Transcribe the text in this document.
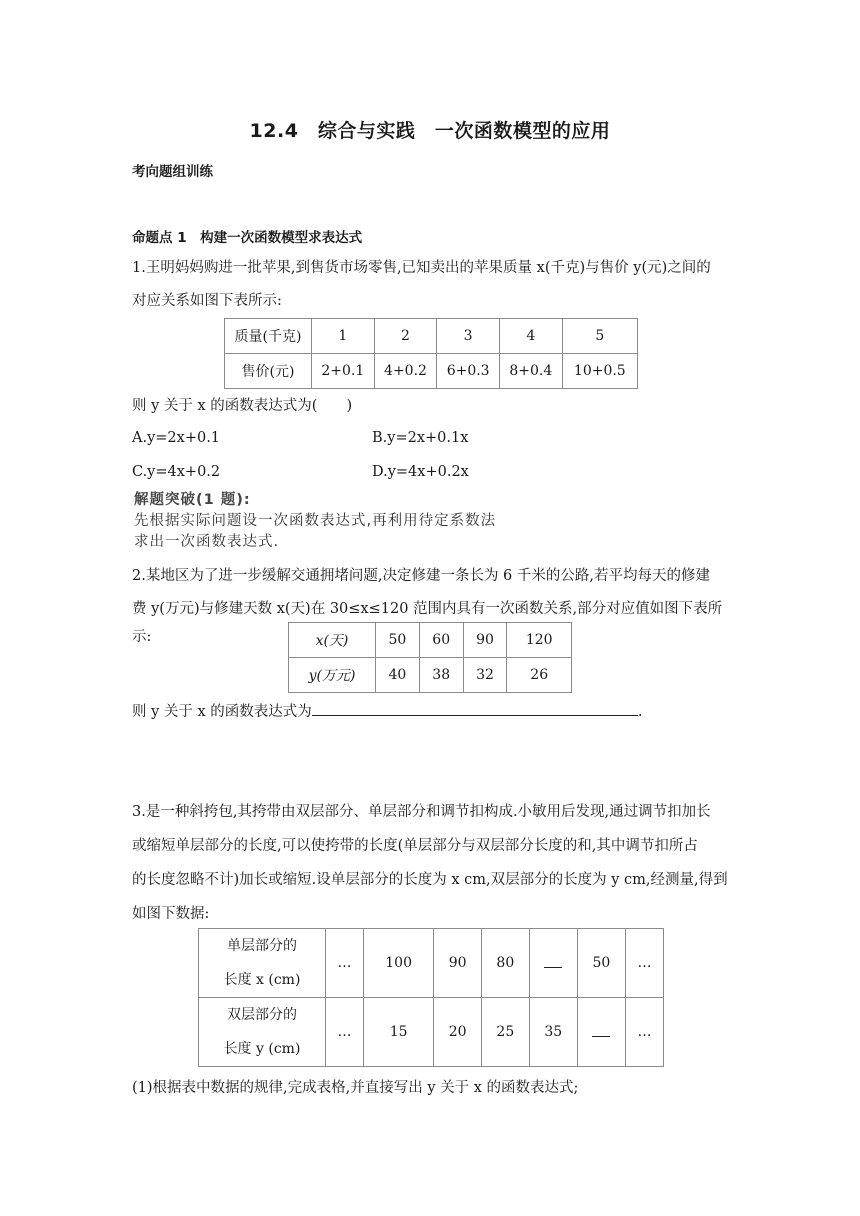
12.4　综合与实践　一次函数模型的应用
考向题组训练
命题点 1　构建一次函数模型求表达式
1.王明妈妈购进一批苹果,到售货市场零售,已知卖出的苹果质量 x(千克)与售价 y(元)之间的
对应关系如图下表所示:
质量(千克)	1	2	3	4	5
售价(元)	2+0.1	4+0.2	6+0.3	8+0.4	10+0.5
则 y 关于 x 的函数表达式为(　　)
A.y=2x+0.1	B.y=2x+0.1x
C.y=4x+0.2	D.y=4x+0.2x
解题突破(1 题):
先根据实际问题设一次函数表达式,再利用待定系数法
求出一次函数表达式.
2.某地区为了进一步缓解交通拥堵问题,决定修建一条长为 6 千米的公路,若平均每天的修建
费 y(万元)与修建天数 x(天)在 30≤x≤120 范围内具有一次函数关系,部分对应值如图下表所示:	x(天)	50	60	90	120
y(万元)	40	38	32	26
则 y 关于 x 的函数表达式为	.
3.是一种斜挎包,其挎带由双层部分、单层部分和调节扣构成.小敏用后发现,通过调节扣加长
或缩短单层部分的长度,可以使挎带的长度(单层部分与双层部分长度的和,其中调节扣所占
的长度忽略不计)加长或缩短.设单层部分的长度为 x cm,双层部分的长度为 y cm,经测量,得到
如图下数据:
单层部分的
长度 x (cm)	…	100	90	80		50	…

双层部分的
长度 y (cm)	…	15	20	25	35		…
(1)根据表中数据的规律,完成表格,并直接写出 y 关于 x 的函数表达式;
